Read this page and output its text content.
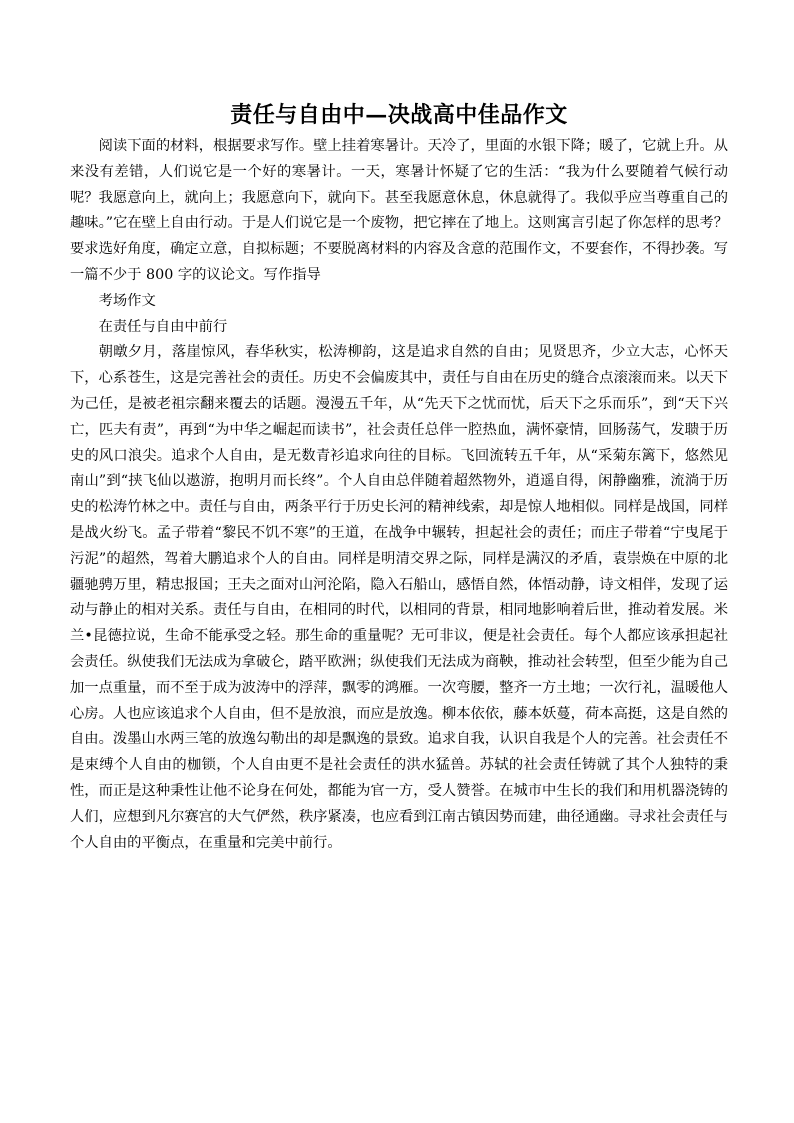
责任与自由中—决战高中佳品作文

阅读下面的材料，根据要求写作。壁上挂着寒暑计。天冷了，里面的水银下降；暖了，它就上升。从来没有差错，人们说它是一个好的寒暑计。一天，寒暑计怀疑了它的生活：“我为什么要随着气候行动呢？我愿意向上，就向上；我愿意向下，就向下。甚至我愿意休息，休息就得了。我似乎应当尊重自己的趣味。”它在壁上自由行动。于是人们说它是一个废物，把它摔在了地上。这则寓言引起了你怎样的思考？要求选好角度，确定立意，自拟标题；不要脱离材料的内容及含意的范围作文，不要套作，不得抄袭。写一篇不少于 800 字的议论文。写作指导

考场作文

在责任与自由中前行

朝暾夕月，落崖惊风，春华秋实，松涛柳韵，这是追求自然的自由；见贤思齐，少立大志，心怀天下，心系苍生，这是完善社会的责任。历史不会偏废其中，责任与自由在历史的缝合点滚滚而来。以天下为己任，是被老祖宗翻来覆去的话题。漫漫五千年，从“先天下之忧而忧，后天下之乐而乐”，到“天下兴亡，匹夫有责”，再到“为中华之崛起而读书”，社会责任总伴一腔热血，满怀豪情，回肠荡气，发聩于历史的风口浪尖。追求个人自由，是无数青衫追求向往的目标。飞回流转五千年，从“采菊东篱下，悠然见南山”到“挟飞仙以遨游，抱明月而长终”。个人自由总伴随着超然物外，逍遥自得，闲静幽雅，流淌于历史的松涛竹林之中。责任与自由，两条平行于历史长河的精神线索，却是惊人地相似。同样是战国，同样是战火纷飞。孟子带着“黎民不饥不寒”的王道，在战争中辗转，担起社会的责任；而庄子带着“宁曳尾于污泥”的超然，驾着大鹏追求个人的自由。同样是明清交界之际，同样是满汉的矛盾，袁崇焕在中原的北疆驰骋万里，精忠报国；王夫之面对山河沦陷，隐入石船山，感悟自然，体悟动静，诗文相伴，发现了运动与静止的相对关系。责任与自由，在相同的时代，以相同的背景，相同地影响着后世，推动着发展。米兰•昆德拉说，生命不能承受之轻。那生命的重量呢？无可非议，便是社会责任。每个人都应该承担起社会责任。纵使我们无法成为拿破仑，踏平欧洲；纵使我们无法成为商鞅，推动社会转型，但至少能为自己加一点重量，而不至于成为波涛中的浮萍，飘零的鸿雁。一次弯腰，整齐一方土地；一次行礼，温暖他人心房。人也应该追求个人自由，但不是放浪，而应是放逸。柳本依依，藤本妖蔓，荷本高挺，这是自然的自由。泼墨山水两三笔的放逸勾勒出的却是飘逸的景致。追求自我，认识自我是个人的完善。社会责任不是束缚个人自由的枷锁，个人自由更不是社会责任的洪水猛兽。苏轼的社会责任铸就了其个人独特的秉性，而正是这种秉性让他不论身在何处，都能为官一方，受人赞誉。在城市中生长的我们和用机器浇铸的人们，应想到凡尔赛宫的大气俨然，秩序紧凑，也应看到江南古镇因势而建，曲径通幽。寻求社会责任与个人自由的平衡点，在重量和完美中前行。
